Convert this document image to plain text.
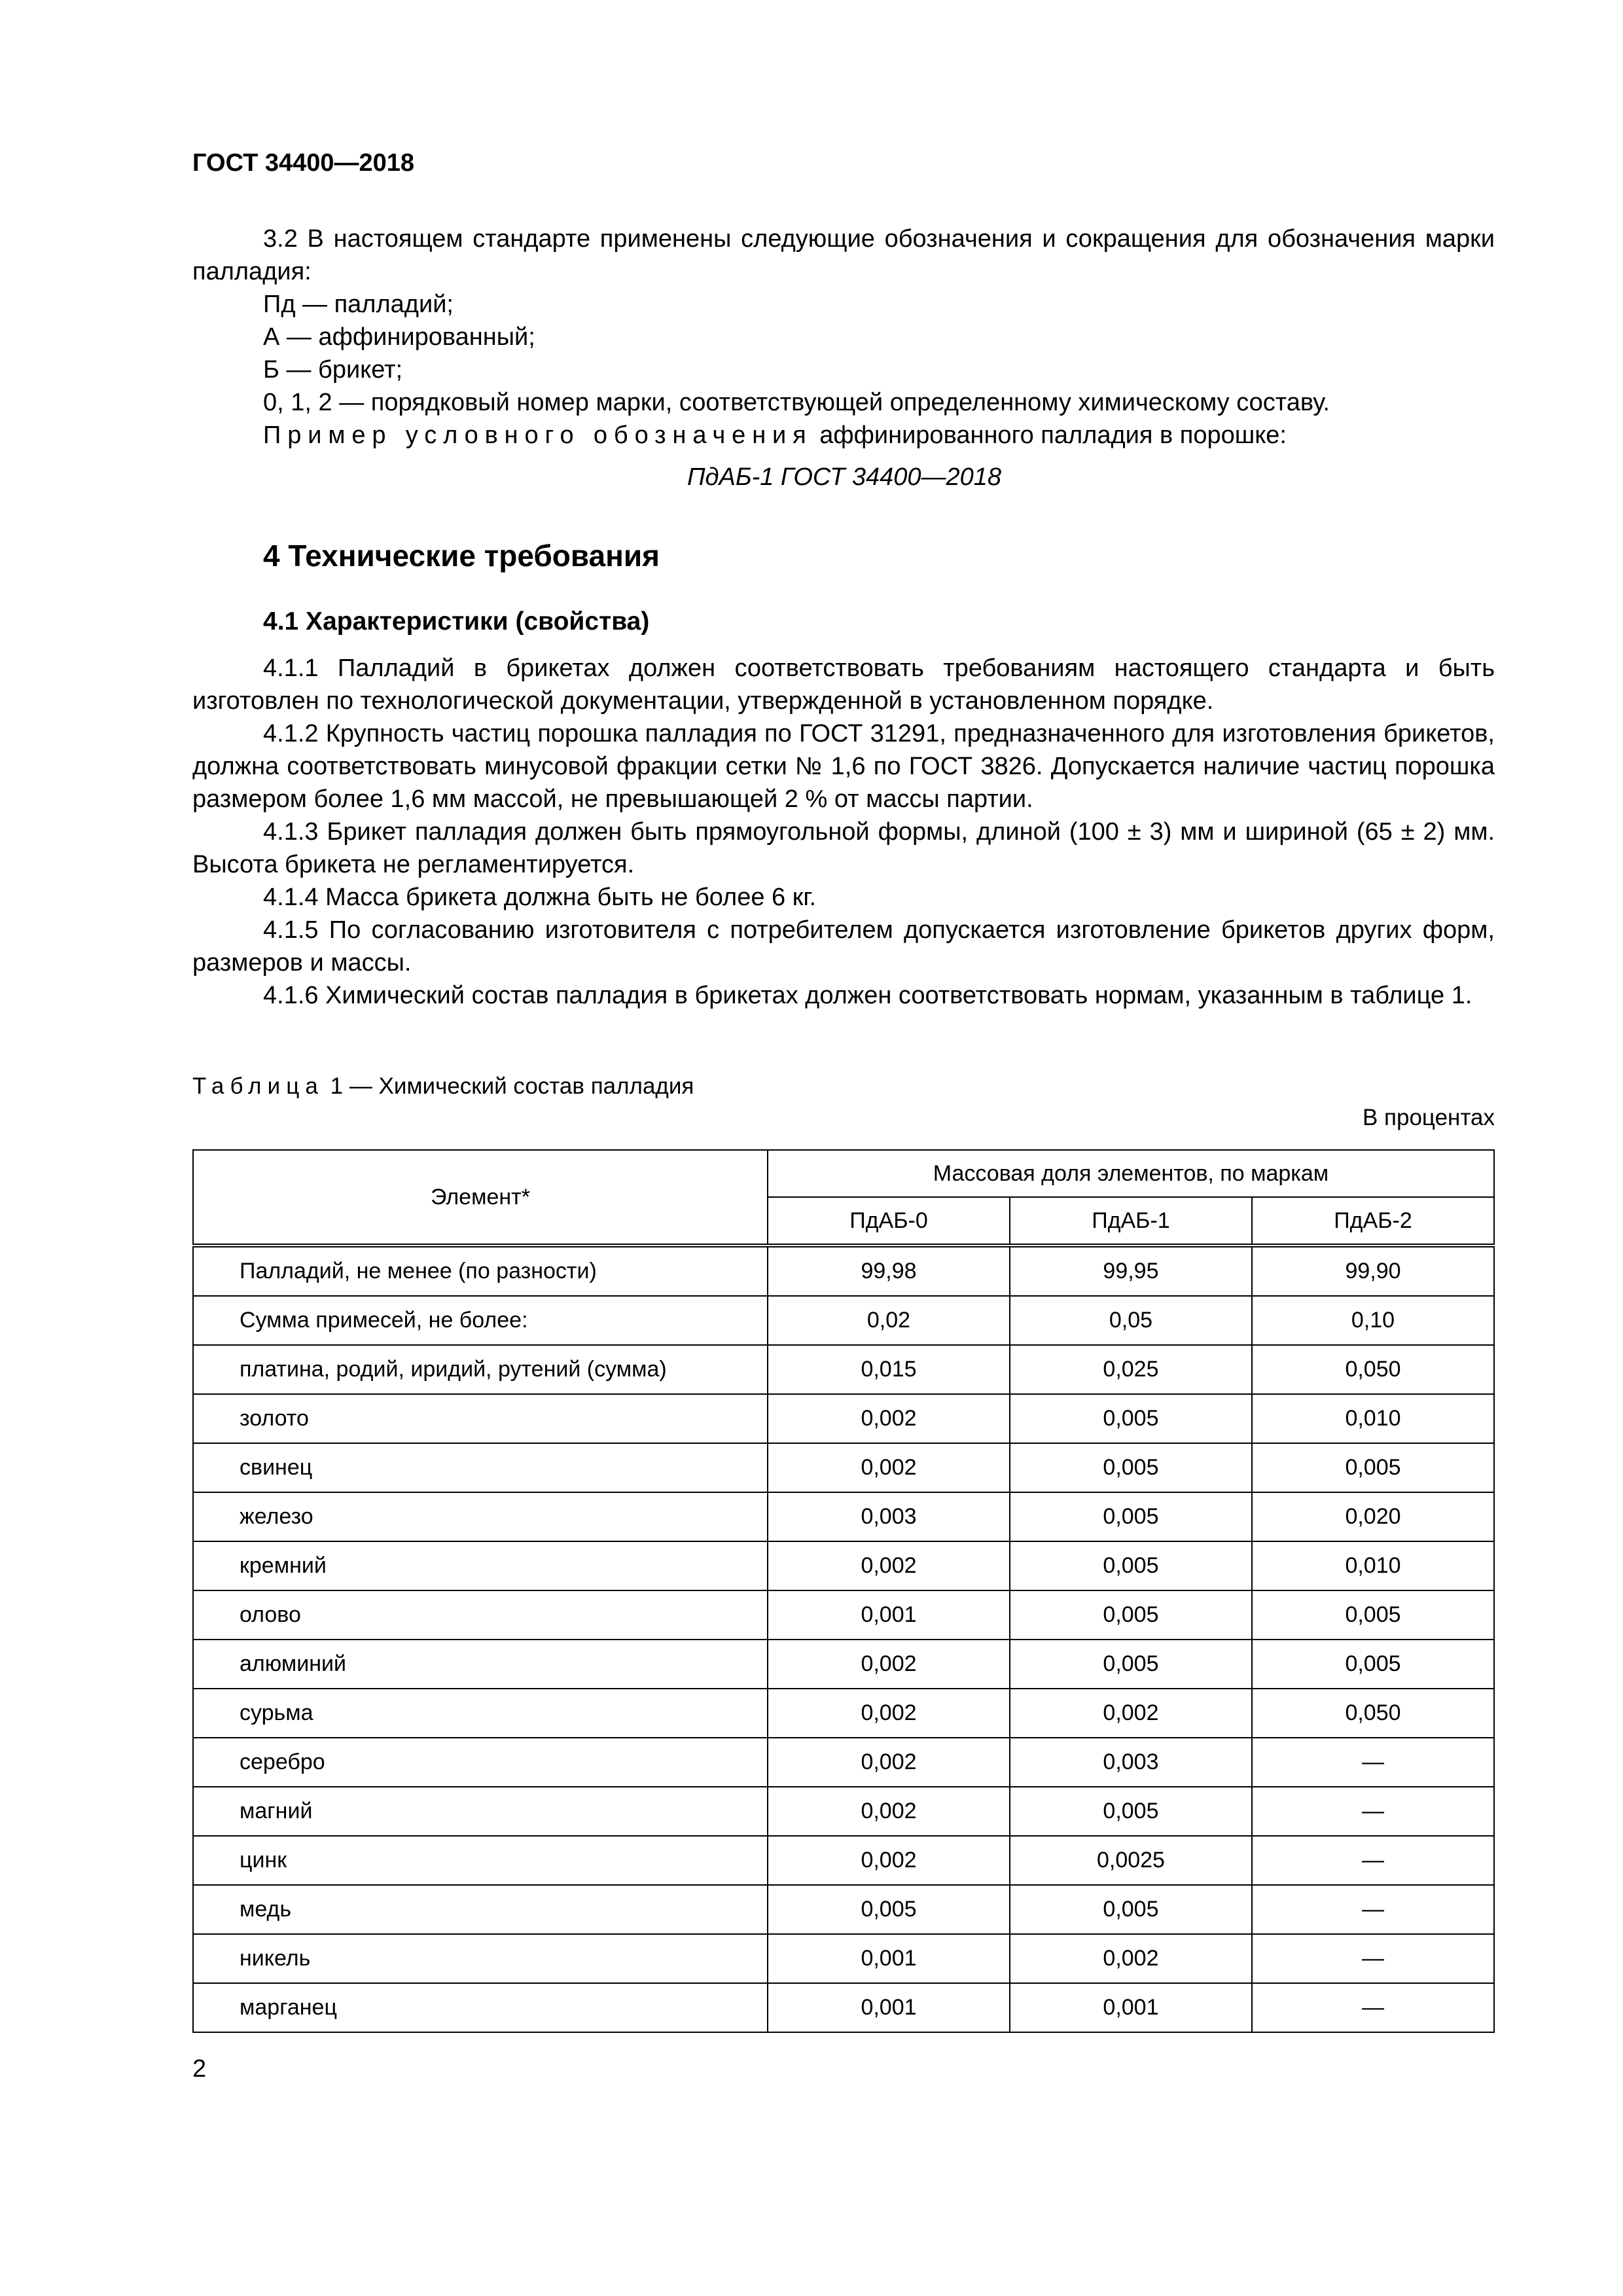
ГОСТ 34400—2018
3.2 В настоящем стандарте применены следующие обозначения и сокращения для обозначения марки палладия:
Пд — палладий;
А — аффинированный;
Б — брикет;
0, 1, 2 — порядковый номер марки, соответствующей определенному химическому составу.
Пример условного обозначения аффинированного палладия в порошке:
ПдАБ-1 ГОСТ 34400—2018
4 Технические требования
4.1 Характеристики (свойства)
4.1.1 Палладий в брикетах должен соответствовать требованиям настоящего стандарта и быть изготовлен по технологической документации, утвержденной в установленном порядке.
4.1.2 Крупность частиц порошка палладия по ГОСТ 31291, предназначенного для изготовления брикетов, должна соответствовать минусовой фракции сетки № 1,6 по ГОСТ 3826. Допускается наличие частиц порошка размером более 1,6 мм массой, не превышающей 2 % от массы партии.
4.1.3 Брикет палладия должен быть прямоугольной формы, длиной (100 ± 3) мм и шириной (65 ± 2) мм. Высота брикета не регламентируется.
4.1.4 Масса брикета должна быть не более 6 кг.
4.1.5 По согласованию изготовителя с потребителем допускается изготовление брикетов других форм, размеров и массы.
4.1.6 Химический состав палладия в брикетах должен соответствовать нормам, указанным в таблице 1.
Таблица 1 — Химический состав палладия
В процентах
Элемент*	Массовая доля элементов, по маркам		
	ПдАБ-0	ПдАБ-1	ПдАБ-2
Палладий, не менее (по разности)	99,98	99,95	99,90
Сумма примесей, не более:	0,02	0,05	0,10
платина, родий, иридий, рутений (сумма)	0,015	0,025	0,050
золото	0,002	0,005	0,010
свинец	0,002	0,005	0,005
железо	0,003	0,005	0,020
кремний	0,002	0,005	0,010
олово	0,001	0,005	0,005
алюминий	0,002	0,005	0,005
сурьма	0,002	0,002	0,050
серебро	0,002	0,003	—
магний	0,002	0,005	—
цинк	0,002	0,0025	—
медь	0,005	0,005	—
никель	0,001	0,002	—
марганец	0,001	0,001	—
2
